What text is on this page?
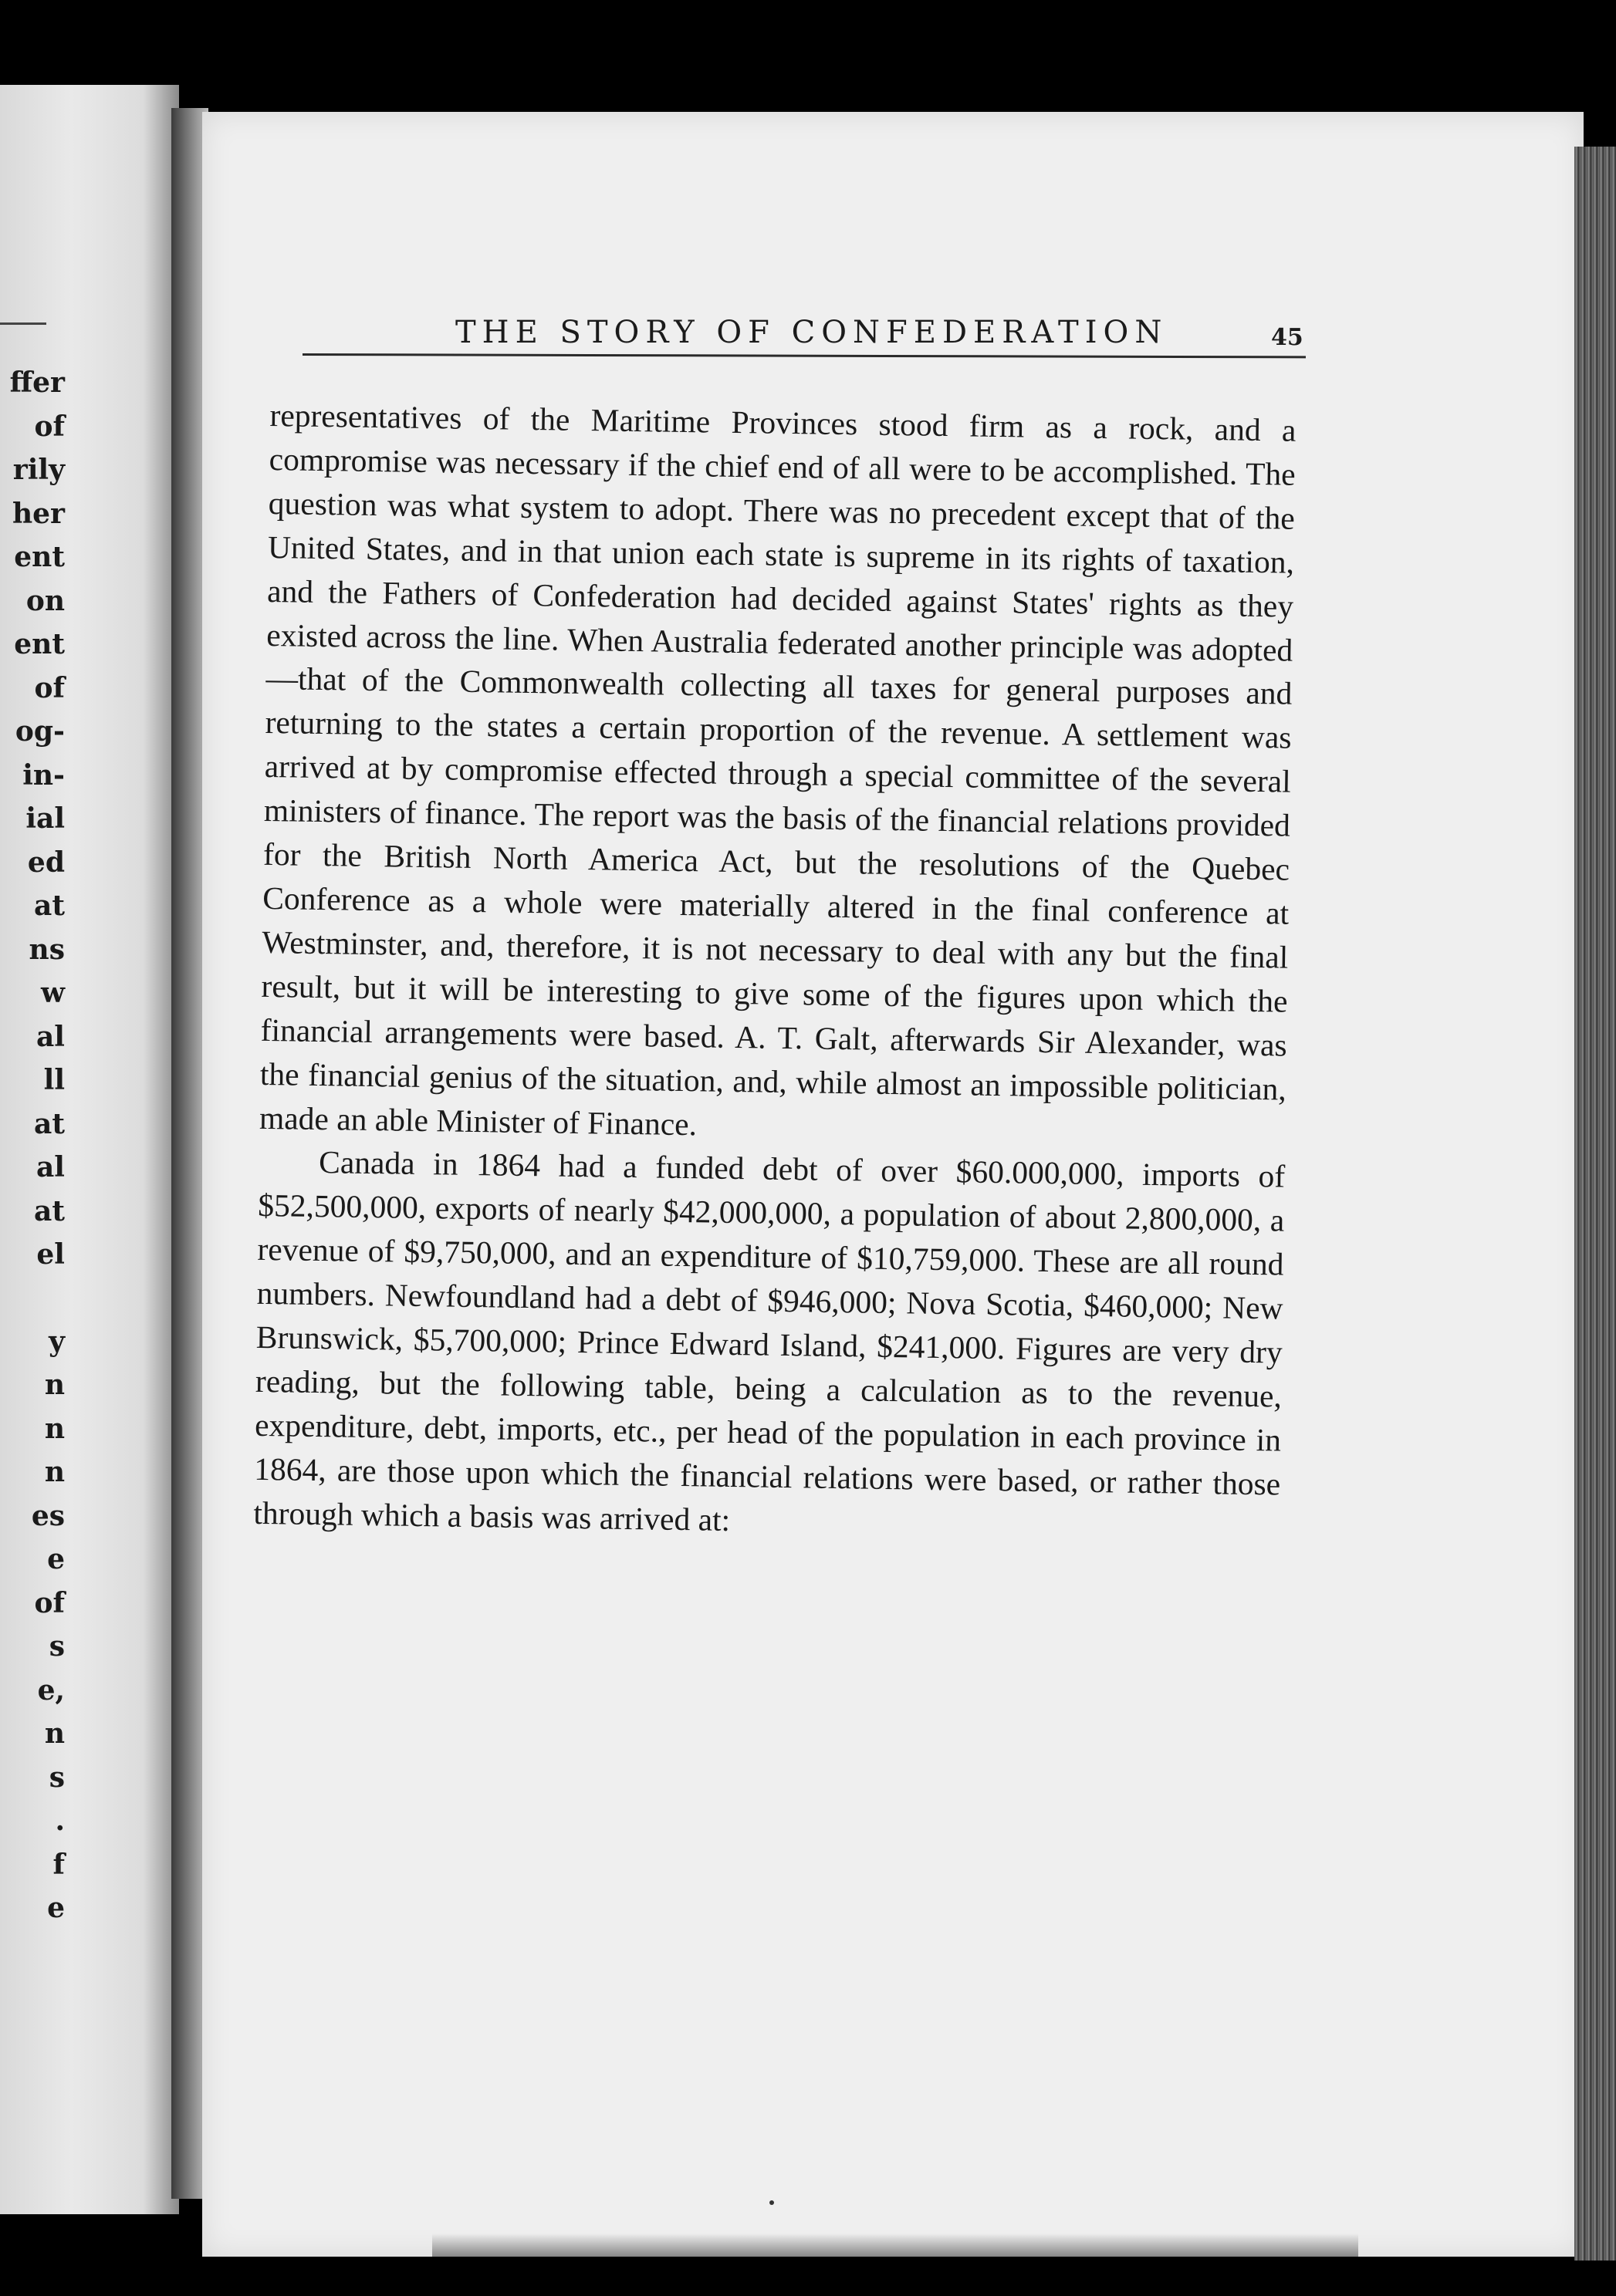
ffer
of
rily
her
ent
on
ent
of
og-
in-
ial
ed
at
ns
w
al
ll
at
al
at
el
y
n
n
n
es
e
of
s
e,
n
s
.
f
e
THE STORY OF CONFEDERATION	45

representatives of the Maritime Provinces stood firm as a rock, and a compromise was necessary if the chief end of all were to be accomplished. The question was what system to adopt. There was no precedent except that of the United States, and in that union each state is supreme in its rights of taxation, and the Fathers of Confederation had decided against States' rights as they existed across the line. When Australia federated another principle was adopted—that of the Commonwealth collecting all taxes for general purposes and returning to the states a certain proportion of the revenue. A settlement was arrived at by compromise effected through a special committee of the several ministers of finance. The report was the basis of the financial relations provided for the British North America Act, but the resolutions of the Quebec Conference as a whole were materially altered in the final conference at Westminster, and, therefore, it is not necessary to deal with any but the final result, but it will be interesting to give some of the figures upon which the financial arrangements were based. A. T. Galt, afterwards Sir Alexander, was the financial genius of the situation, and, while almost an impossible politician, made an able Minister of Finance.

Canada in 1864 had a funded debt of over $60.000,000, imports of $52,500,000, exports of nearly $42,000,000, a population of about 2,800,000, a revenue of $9,750,000, and an expenditure of $10,759,000. These are all round numbers. Newfoundland had a debt of $946,000; Nova Scotia, $460,000; New Brunswick, $5,700,000; Prince Edward Island, $241,000. Figures are very dry reading, but the following table, being a calculation as to the revenue, expenditure, debt, imports, etc., per head of the population in each province in 1864, are those upon which the financial relations were based, or rather those through which a basis was arrived at:
